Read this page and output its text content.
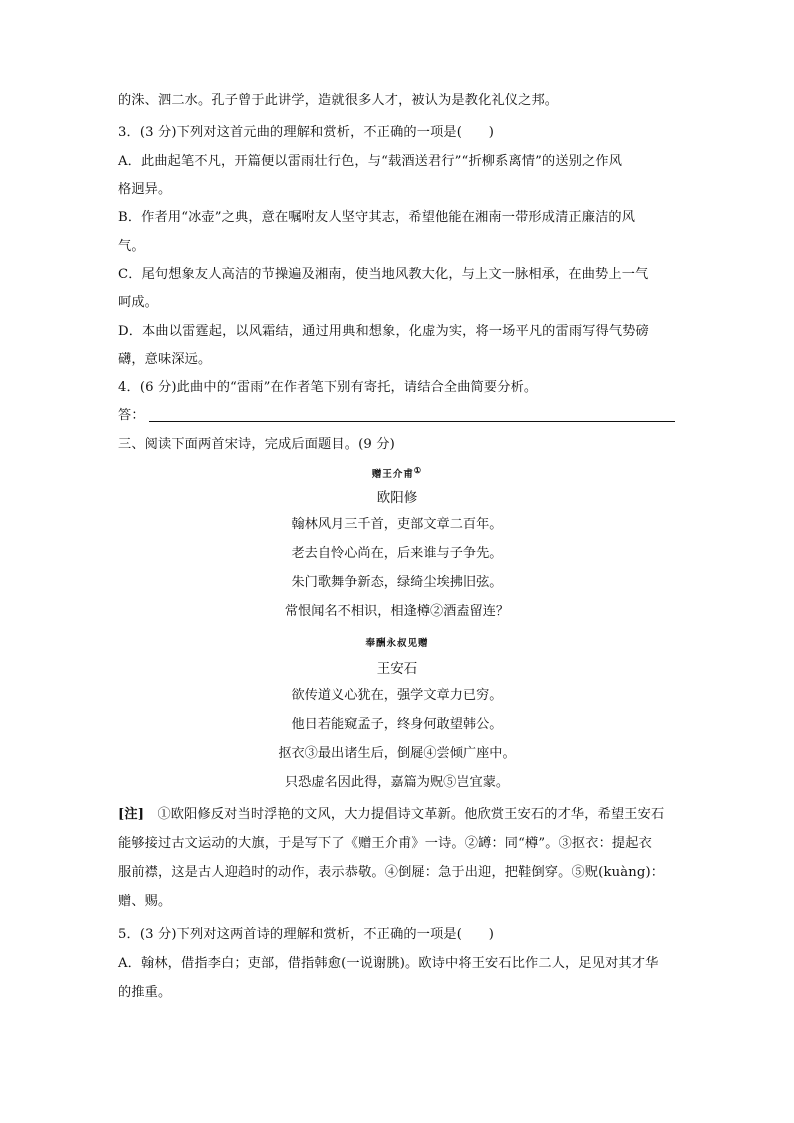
的洙、泗二水。孔子曾于此讲学，造就很多人才，被认为是教化礼仪之邦。
3．(3 分)下列对这首元曲的理解和赏析，不正确的一项是(　　)
A．此曲起笔不凡，开篇便以雷雨壮行色，与“载酒送君行”“折柳系离情”的送别之作风
格迥异。
B．作者用“冰壶”之典，意在嘱咐友人坚守其志，希望他能在湘南一带形成清正廉洁的风
气。
C．尾句想象友人高洁的节操遍及湘南，使当地风教大化，与上文一脉相承，在曲势上一气
呵成。
D．本曲以雷霆起，以风霜结，通过用典和想象，化虚为实，将一场平凡的雷雨写得气势磅
礴，意味深远。
4．(6 分)此曲中的“雷雨”在作者笔下别有寄托，请结合全曲简要分析。
答：
三、阅读下面两首宋诗，完成后面题目。(9 分)
赠王介甫①
欧阳修
翰林风月三千首，吏部文章二百年。
老去自怜心尚在，后来谁与子争先。
朱门歌舞争新态，绿绮尘埃拂旧弦。
常恨闻名不相识，相逢樽②酒盍留连？
奉酬永叔见赠
王安石
欲传道义心犹在，强学文章力已穷。
他日若能窥孟子，终身何敢望韩公。
抠衣③最出诸生后，倒屣④尝倾广座中。
只恐虚名因此得，嘉篇为贶⑤岂宜蒙。
[注]  ①欧阳修反对当时浮艳的文风，大力提倡诗文革新。他欣赏王安石的才华，希望王安石
能够接过古文运动的大旗，于是写下了《赠王介甫》一诗。②罇：同“樽”。③抠衣：提起衣
服前襟，这是古人迎趋时的动作，表示恭敬。④倒屣：急于出迎，把鞋倒穿。⑤贶(kuàng)：
赠、赐。
5．(3 分)下列对这两首诗的理解和赏析，不正确的一项是(　　)
A．翰林，借指李白；吏部，借指韩愈(一说谢朓)。欧诗中将王安石比作二人，足见对其才华
的推重。
